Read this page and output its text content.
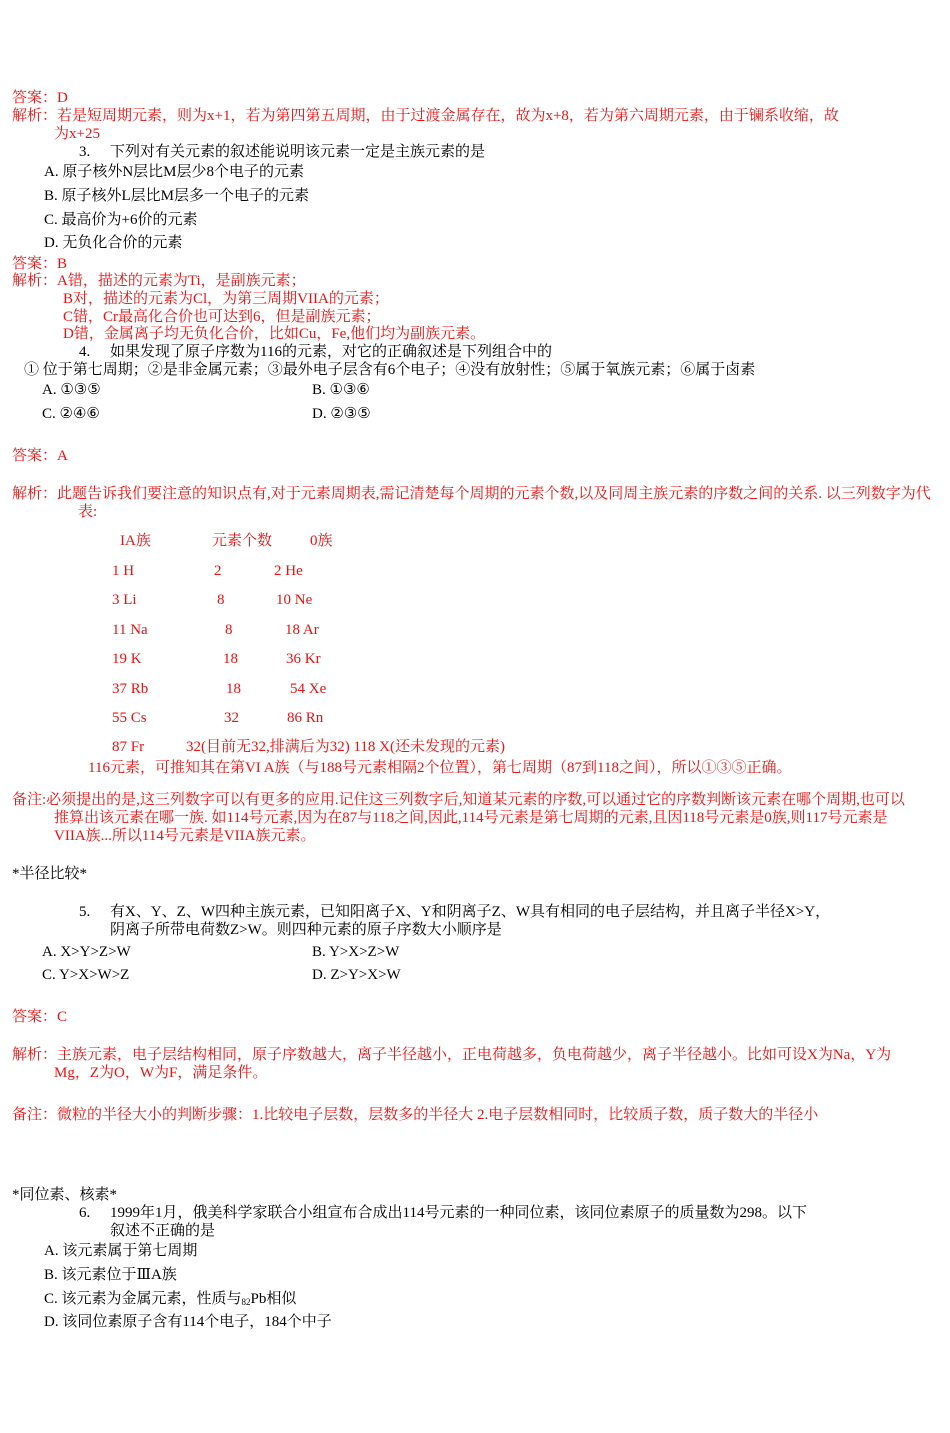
答案：D
解析：若是短周期元素，则为x+1，若为第四第五周期，由于过渡金属存在，故为x+8，若为第六周期元素，由于镧系收缩，故
为x+25
3. 下列对有关元素的叙述能说明该元素一定是主族元素的是
A. 原子核外N层比M层少8个电子的元素
B. 原子核外L层比M层多一个电子的元素
C. 最高价为+6价的元素
D. 无负化合价的元素
答案：B
解析：A错，描述的元素为Ti，是副族元素；
B对，描述的元素为Cl，为第三周期VIIA的元素；
C错，Cr最高化合价也可达到6，但是副族元素；
D错，金属离子均无负化合价，比如Cu，Fe,他们均为副族元素。
4. 如果发现了原子序数为116的元素，对它的正确叙述是下列组合中的
① 位于第七周期；②是非金属元素；③最外电子层含有6个电子；④没有放射性；⑤属于氧族元素；⑥属于卤素
A. ①③⑤	B. ①③⑥
C. ②④⑥	D. ②③⑤
答案：A
解析：此题告诉我们要注意的知识点有,对于元素周期表,需记清楚每个周期的元素个数,以及同周主族元素的序数之间的关系. 以三列数字为代表:
IA族	元素个数	0族
1 H	2	2 He
3 Li	8	10 Ne
11 Na	8	18 Ar
19 K	18	36 Kr
37 Rb	18	54 Xe
55 Cs	32	86 Rn
87 Fr	32(目前无32,排满后为32) 118 X(还未发现的元素)
116元素，可推知其在第VI A族（与188号元素相隔2个位置），第七周期（87到118之间），所以①③⑤正确。
备注:必须提出的是,这三列数字可以有更多的应用.记住这三列数字后,知道某元素的序数,可以通过它的序数判断该元素在哪个周期,也可以推算出该元素在哪一族. 如114号元素,因为在87与118之间,因此,114号元素是第七周期的元素,且因118号元素是0族,则117号元素是VIIA族...所以114号元素是VIIA族元素。
*半径比较*
5. 有X、Y、Z、W四种主族元素，已知阳离子X、Y和阴离子Z、W具有相同的电子层结构，并且离子半径X>Y，
阴离子所带电荷数Z>W。则四种元素的原子序数大小顺序是
A. X>Y>Z>W	B. Y>X>Z>W
C. Y>X>W>Z	D. Z>Y>X>W
答案：C
解析：主族元素，电子层结构相同，原子序数越大，离子半径越小，正电荷越多，负电荷越少，离子半径越小。比如可设X为Na，Y为Mg，Z为O，W为F，满足条件。
备注：微粒的半径大小的判断步骤：1.比较电子层数，层数多的半径大 2.电子层数相同时，比较质子数，质子数大的半径小
*同位素、核素*
6. 1999年1月，俄美科学家联合小组宣布合成出114号元素的一种同位素，该同位素原子的质量数为298。以下
叙述不正确的是
A. 该元素属于第七周期
B. 该元素位于ⅢA族
C. 该元素为金属元素，性质与$_{82}$Pb相似
D. 该同位素原子含有114个电子，184个中子
